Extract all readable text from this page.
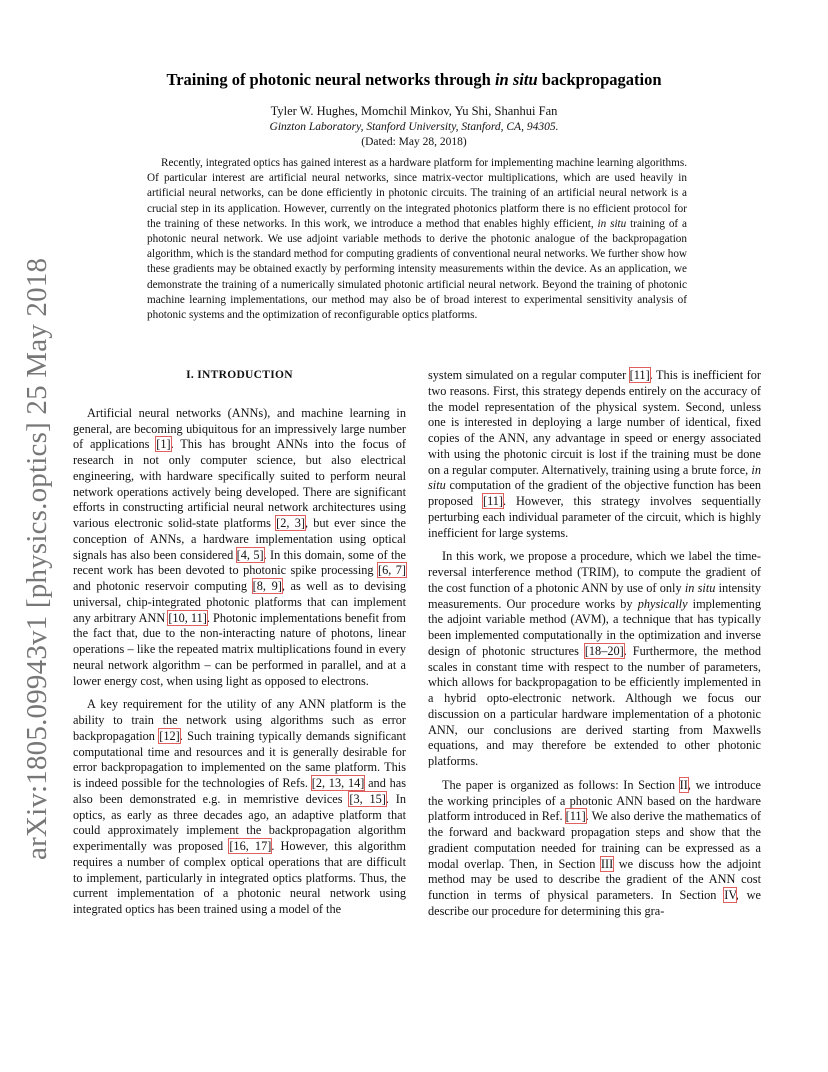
arXiv:1805.09943v1 [physics.optics] 25 May 2018
Training of photonic neural networks through in situ backpropagation
Tyler W. Hughes, Momchil Minkov, Yu Shi, Shanhui Fan
Ginzton Laboratory, Stanford University, Stanford, CA, 94305.
(Dated: May 28, 2018)
Recently, integrated optics has gained interest as a hardware platform for implementing machine learning algorithms. Of particular interest are artificial neural networks, since matrix-vector multiplications, which are used heavily in artificial neural networks, can be done efficiently in photonic circuits. The training of an artificial neural network is a crucial step in its application. However, currently on the integrated photonics platform there is no efficient protocol for the training of these networks. In this work, we introduce a method that enables highly efficient, in situ training of a photonic neural network. We use adjoint variable methods to derive the photonic analogue of the backpropagation algorithm, which is the standard method for computing gradients of conventional neural networks. We further show how these gradients may be obtained exactly by performing intensity measurements within the device. As an application, we demonstrate the training of a numerically simulated photonic artificial neural network. Beyond the training of photonic machine learning implementations, our method may also be of broad interest to experimental sensitivity analysis of photonic systems and the optimization of reconfigurable optics platforms.
I. INTRODUCTION

Artificial neural networks (ANNs), and machine learning in general, are becoming ubiquitous for an impressively large number of applications [1]. This has brought ANNs into the focus of research in not only computer science, but also electrical engineering, with hardware specifically suited to perform neural network operations actively being developed. There are significant efforts in constructing artificial neural network architectures using various electronic solid-state platforms [2, 3], but ever since the conception of ANNs, a hardware implementation using optical signals has also been considered [4, 5]. In this domain, some of the recent work has been devoted to photonic spike processing [6, 7] and photonic reservoir computing [8, 9], as well as to devising universal, chip-integrated photonic platforms that can implement any arbitrary ANN [10, 11]. Photonic implementations benefit from the fact that, due to the non-interacting nature of photons, linear operations – like the repeated matrix multiplications found in every neural network algorithm – can be performed in parallel, and at a lower energy cost, when using light as opposed to electrons.

A key requirement for the utility of any ANN platform is the ability to train the network using algorithms such as error backpropagation [12]. Such training typically demands significant computational time and resources and it is generally desirable for error backpropagation to implemented on the same platform. This is indeed possible for the technologies of Refs. [2, 13, 14] and has also been demonstrated e.g. in memristive devices [3, 15]. In optics, as early as three decades ago, an adaptive platform that could approximately implement the backpropagation algorithm experimentally was proposed [16, 17]. However, this algorithm requires a number of complex optical operations that are difficult to implement, particularly in integrated optics platforms. Thus, the current implementation of a photonic neural network using integrated optics has been trained using a model of the

system simulated on a regular computer [11]. This is inefficient for two reasons. First, this strategy depends entirely on the accuracy of the model representation of the physical system. Second, unless one is interested in deploying a large number of identical, fixed copies of the ANN, any advantage in speed or energy associated with using the photonic circuit is lost if the training must be done on a regular computer. Alternatively, training using a brute force, in situ computation of the gradient of the objective function has been proposed [11]. However, this strategy involves sequentially perturbing each individual parameter of the circuit, which is highly inefficient for large systems.

In this work, we propose a procedure, which we label the time-reversal interference method (TRIM), to compute the gradient of the cost function of a photonic ANN by use of only in situ intensity measurements. Our procedure works by physically implementing the adjoint variable method (AVM), a technique that has typically been implemented computationally in the optimization and inverse design of photonic structures [18–20]. Furthermore, the method scales in constant time with respect to the number of parameters, which allows for backpropagation to be efficiently implemented in a hybrid opto-electronic network. Although we focus our discussion on a particular hardware implementation of a photonic ANN, our conclusions are derived starting from Maxwells equations, and may therefore be extended to other photonic platforms.

The paper is organized as follows: In Section II, we introduce the working principles of a photonic ANN based on the hardware platform introduced in Ref. [11]. We also derive the mathematics of the forward and backward propagation steps and show that the gradient computation needed for training can be expressed as a modal overlap. Then, in Section III we discuss how the adjoint method may be used to describe the gradient of the ANN cost function in terms of physical parameters. In Section IV, we describe our procedure for determining this gra-
